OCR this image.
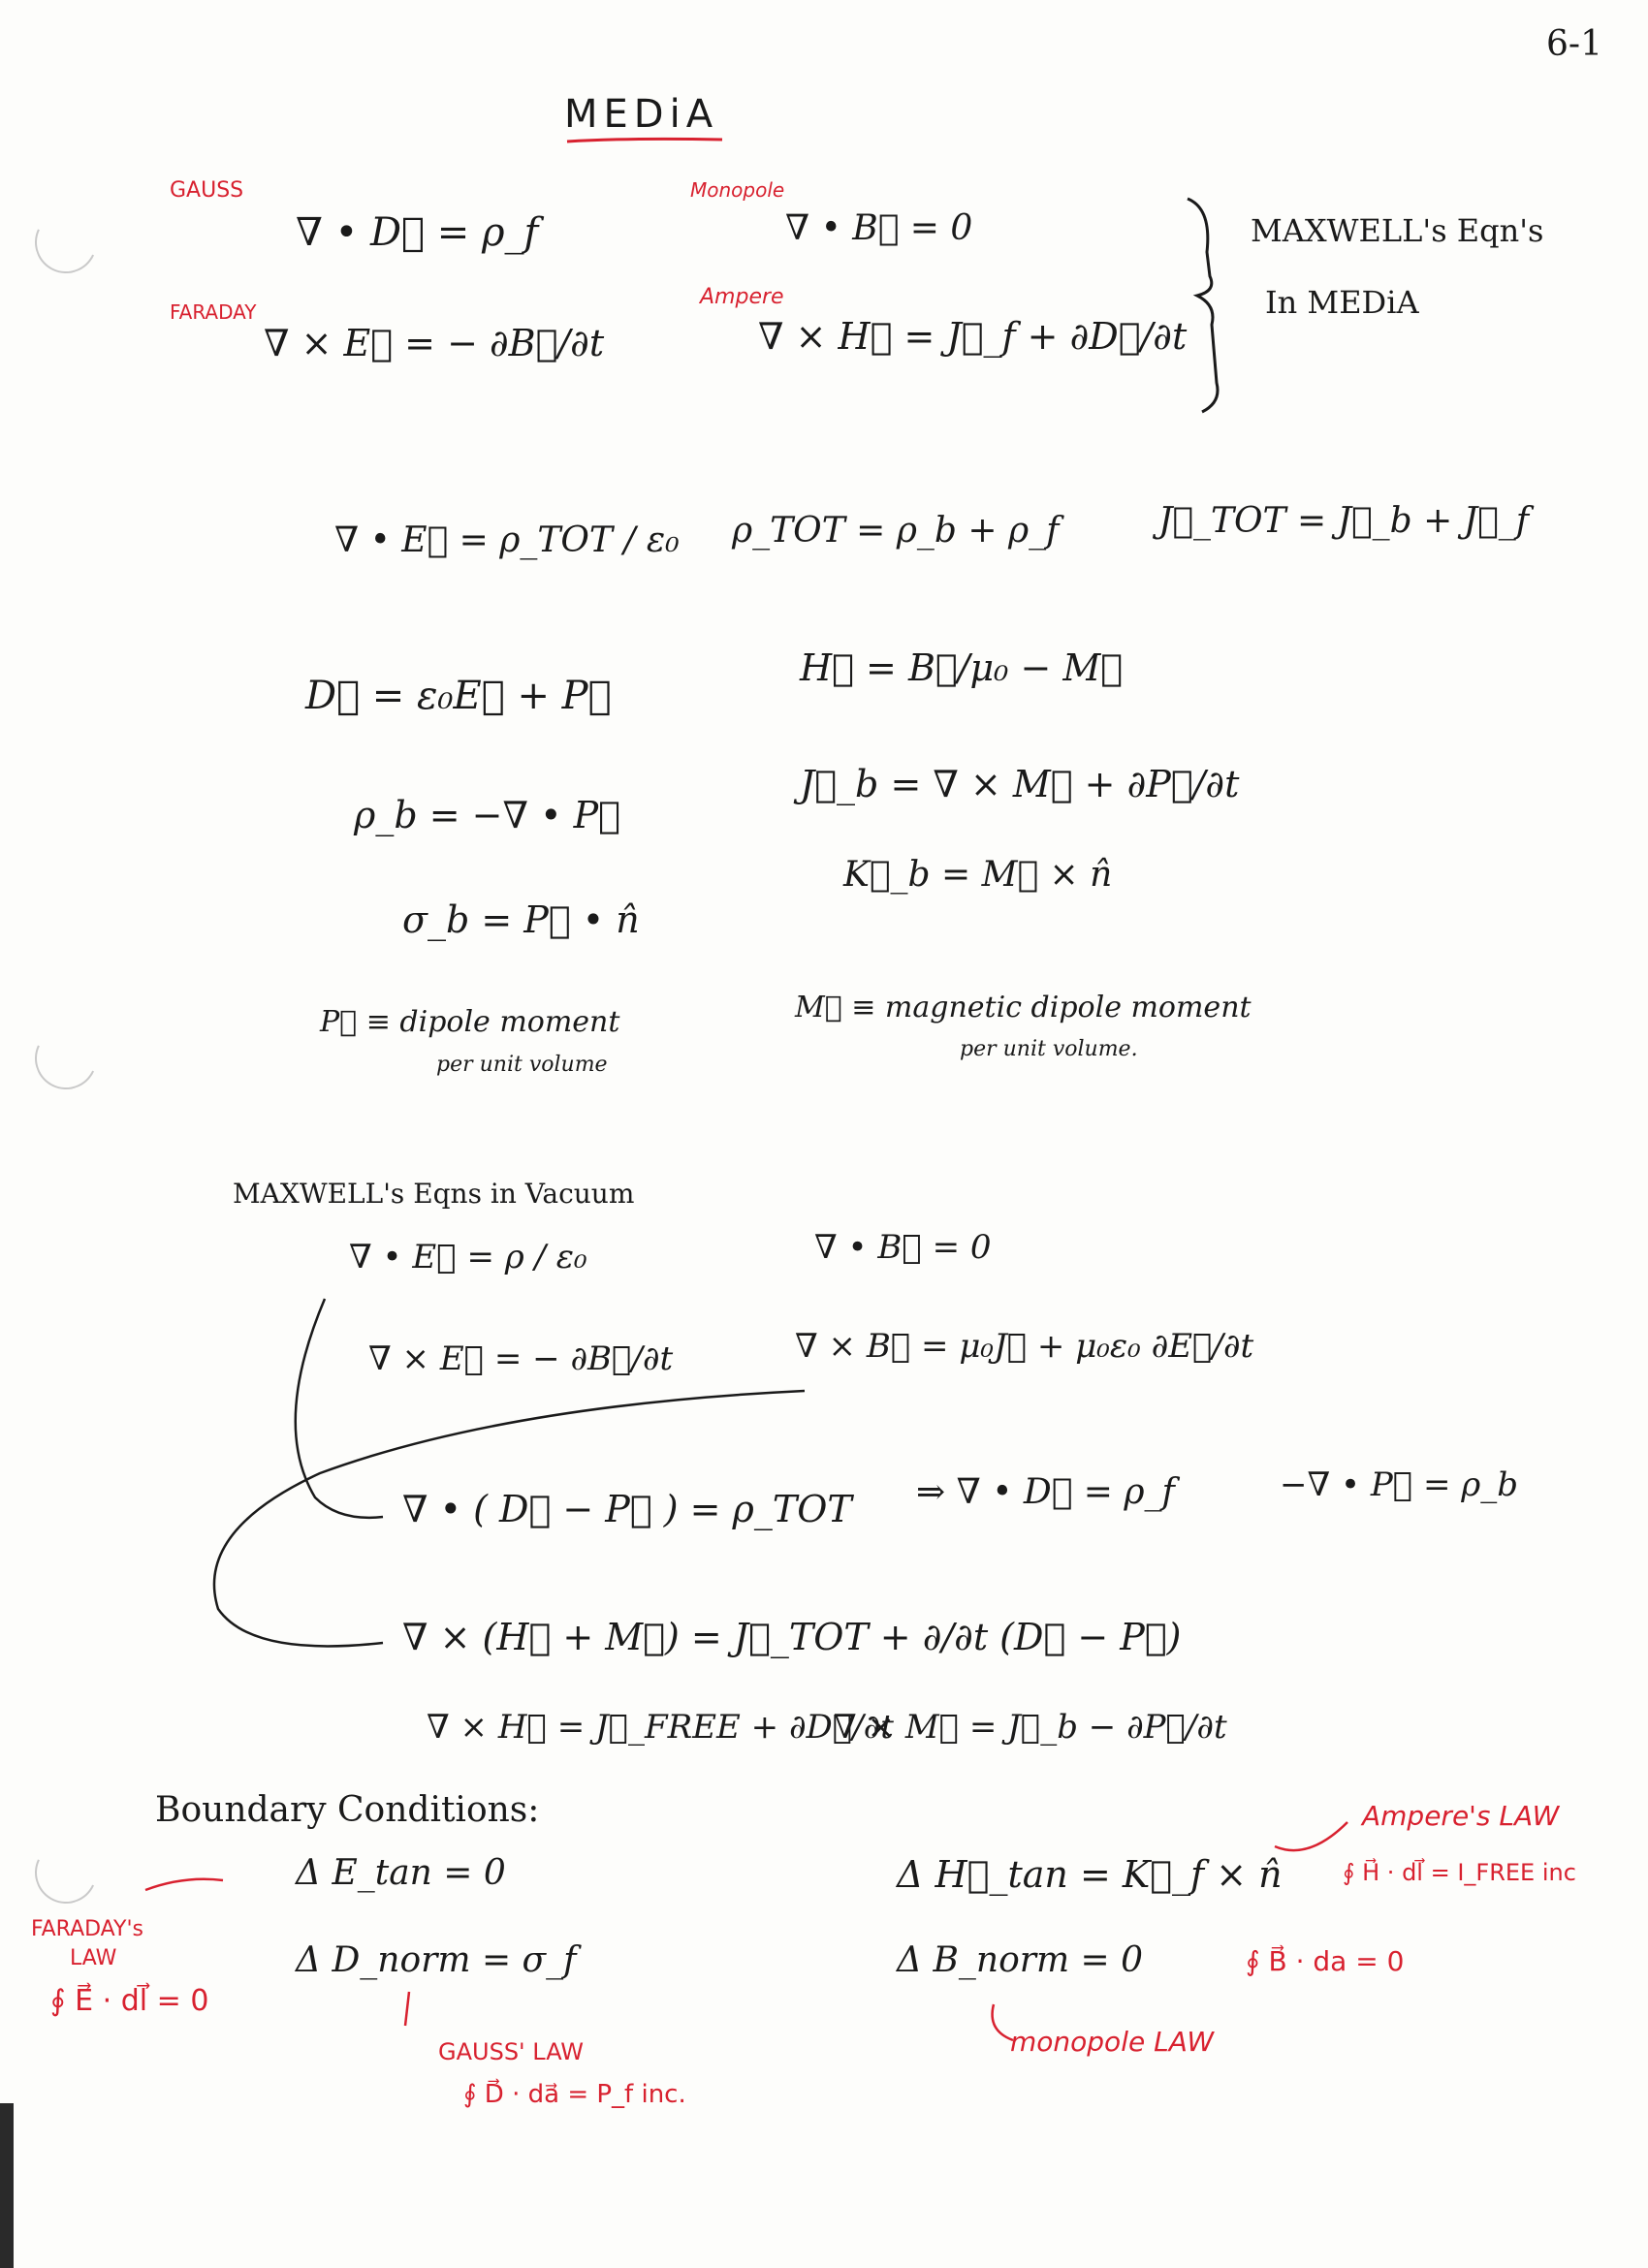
6-1
MEDiA
GAUSS	Monopole
∇ • D⃗ = ρ_f	∇ • B⃗ = 0
FARADAY
Ampere
∇ × E⃗ = − ∂B⃗/∂t	∇ × H⃗ = J⃗_f + ∂D⃗/∂t
MAXWELL's Eqn's
In MEDiA
∇ • E⃗ = ρ_TOT / ε₀ ρ_TOT = ρ_b + ρ_f	J⃗_TOT = J⃗_b + J⃗_f
D⃗ = ε₀E⃗ + P⃗
H⃗ = B⃗/μ₀ − M⃗
ρ_b = −∇ • P⃗
J⃗_b = ∇ × M⃗ + ∂P⃗/∂t
K⃗_b = M⃗ × n̂
σ_b = P⃗ • n̂
P⃗ ≡ dipole moment
per unit volume
M⃗ ≡ magnetic dipole moment
per unit volume.
MAXWELL's Eqns in Vacuum
∇ • E⃗ = ρ / ε₀	∇ • B⃗ = 0
∇ × E⃗ = − ∂B⃗/∂t	∇ × B⃗ = μ₀J⃗ + μ₀ε₀ ∂E⃗/∂t
∇ • ( D⃗ − P⃗ ) = ρ_TOT ⇒ ∇ • D⃗ = ρ_f	−∇ • P⃗ = ρ_b
∇ × (H⃗ + M⃗) = J⃗_TOT + ∂/∂t (D⃗ − P⃗)
∇ × H⃗ = J⃗_FREE + ∂D⃗/∂t
∇ × M⃗ = J⃗_b − ∂P⃗/∂t
Boundary Conditions:
Δ E_tan = 0
Δ D_norm = σ_f
Δ H⃗_tan = K⃗_f × n̂
Δ B_norm = 0
FARADAY's
LAW
∮ E⃗ · dl⃗ = 0
GAUSS' LAW
∮ D⃗ · da⃗ = P_f inc.
Ampere's LAW
∮ H⃗ · dl⃗ = I_FREE inc
∮ B⃗ · da = 0
monopole LAW
